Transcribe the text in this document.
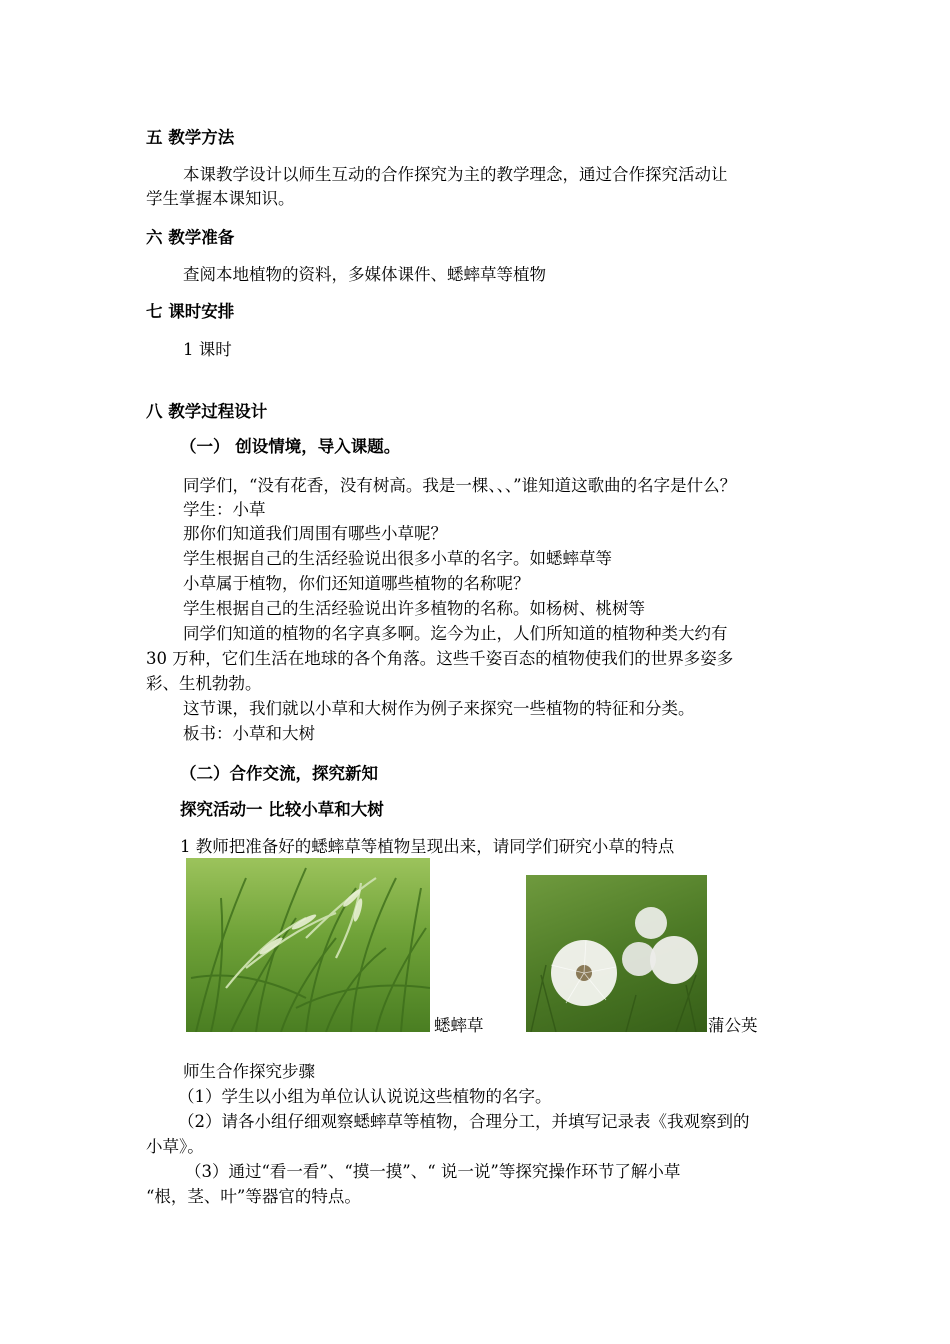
五 教学方法
本课教学设计以师生互动的合作探究为主的教学理念，通过合作探究活动让
学生掌握本课知识。
六 教学准备
查阅本地植物的资料，多媒体课件、蟋蟀草等植物
七 课时安排
1 课时
八 教学过程设计
（一） 创设情境，导入课题。
同学们，“没有花香，没有树高。我是一棵、、、”谁知道这歌曲的名字是什么？
学生：小草
那你们知道我们周围有哪些小草呢？
学生根据自己的生活经验说出很多小草的名字。如蟋蟀草等
小草属于植物，你们还知道哪些植物的名称呢？
学生根据自己的生活经验说出许多植物的名称。如杨树、桃树等
同学们知道的植物的名字真多啊。迄今为止，人们所知道的植物种类大约有
30 万种，它们生活在地球的各个角落。这些千姿百态的植物使我们的世界多姿多
彩、生机勃勃。
这节课，我们就以小草和大树作为例子来探究一些植物的特征和分类。
板书：小草和大树
（二）合作交流，探究新知
探究活动一 比较小草和大树
1 教师把准备好的蟋蟀草等植物呈现出来，请同学们研究小草的特点
蟋蟀草	蒲公英
师生合作探究步骤
（1）学生以小组为单位认认说说这些植物的名字。
（2）请各小组仔细观察蟋蟀草等植物，合理分工，并填写记录表《我观察到的
小草》。
（3）通过“看一看”、“摸一摸”、“ 说一说”等探究操作环节了解小草
“根，茎、叶”等器官的特点。
